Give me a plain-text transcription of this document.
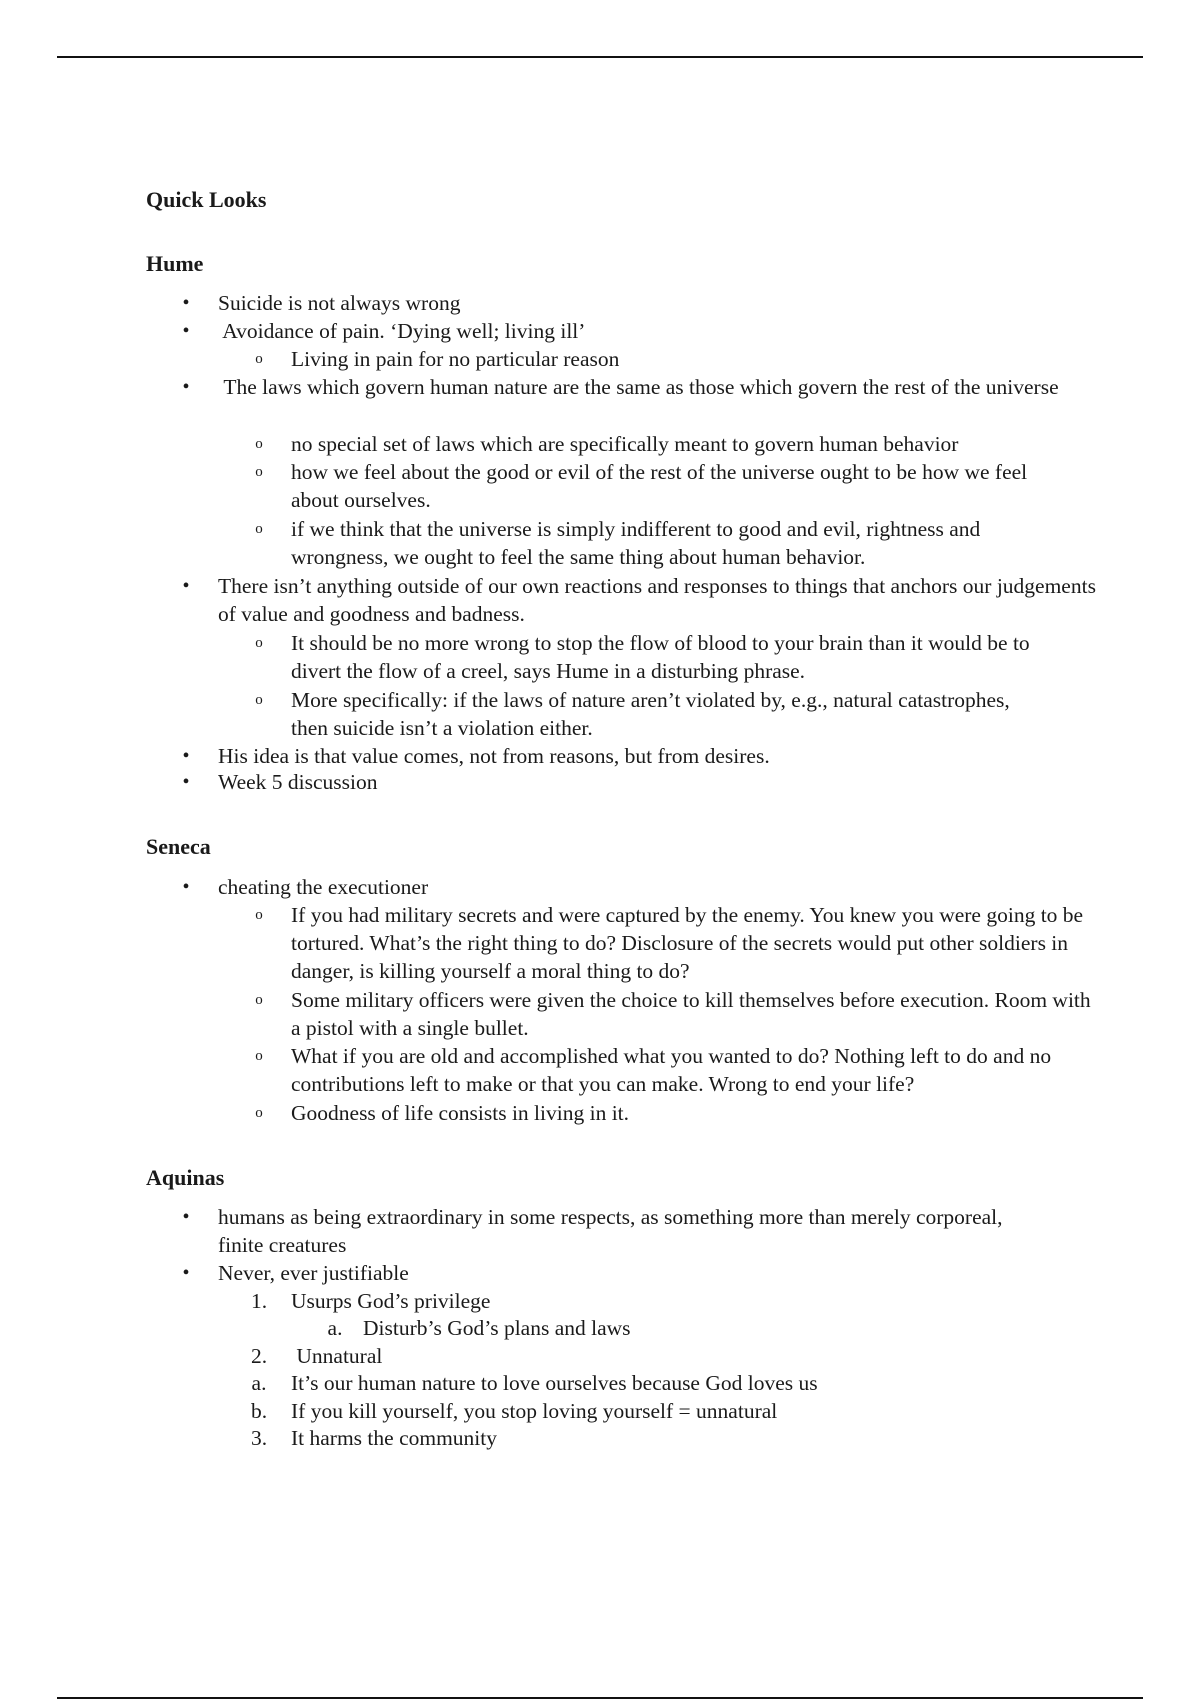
Quick Looks
Hume
•	Suicide is not always wrong
•	Avoidance of pain. ‘Dying well; living ill’
o	Living in pain for no particular reason
•	The laws which govern human nature are the same as those which govern the rest of the universe
o	no special set of laws which are specifically meant to govern human behavior
o	how we feel about the good or evil of the rest of the universe ought to be how we feel about ourselves.
o	if we think that the universe is simply indifferent to good and evil, rightness and wrongness, we ought to feel the same thing about human behavior.
•	There isn’t anything outside of our own reactions and responses to things that anchors our judgements of value and goodness and badness.
o	It should be no more wrong to stop the flow of blood to your brain than it would be to divert the flow of a creel, says Hume in a disturbing phrase.
o	More specifically: if the laws of nature aren’t violated by, e.g., natural catastrophes, then suicide isn’t a violation either.
•	His idea is that value comes, not from reasons, but from desires.
•	Week 5 discussion
Seneca
•	cheating the executioner
o	If you had military secrets and were captured by the enemy. You knew you were going to be tortured. What’s the right thing to do? Disclosure of the secrets would put other soldiers in danger, is killing yourself a moral thing to do?
o	Some military officers were given the choice to kill themselves before execution. Room with a pistol with a single bullet.
o	What if you are old and accomplished what you wanted to do? Nothing left to do and no contributions left to make or that you can make. Wrong to end your life?
o	Goodness of life consists in living in it.
Aquinas
•	humans as being extraordinary in some respects, as something more than merely corporeal, finite creatures
•	Never, ever justifiable
1.	Usurps God’s privilege
a. Disturb’s God’s plans and laws
2.	Unnatural
a.	It’s our human nature to love ourselves because God loves us
b.	If you kill yourself, you stop loving yourself = unnatural
3.	It harms the community
